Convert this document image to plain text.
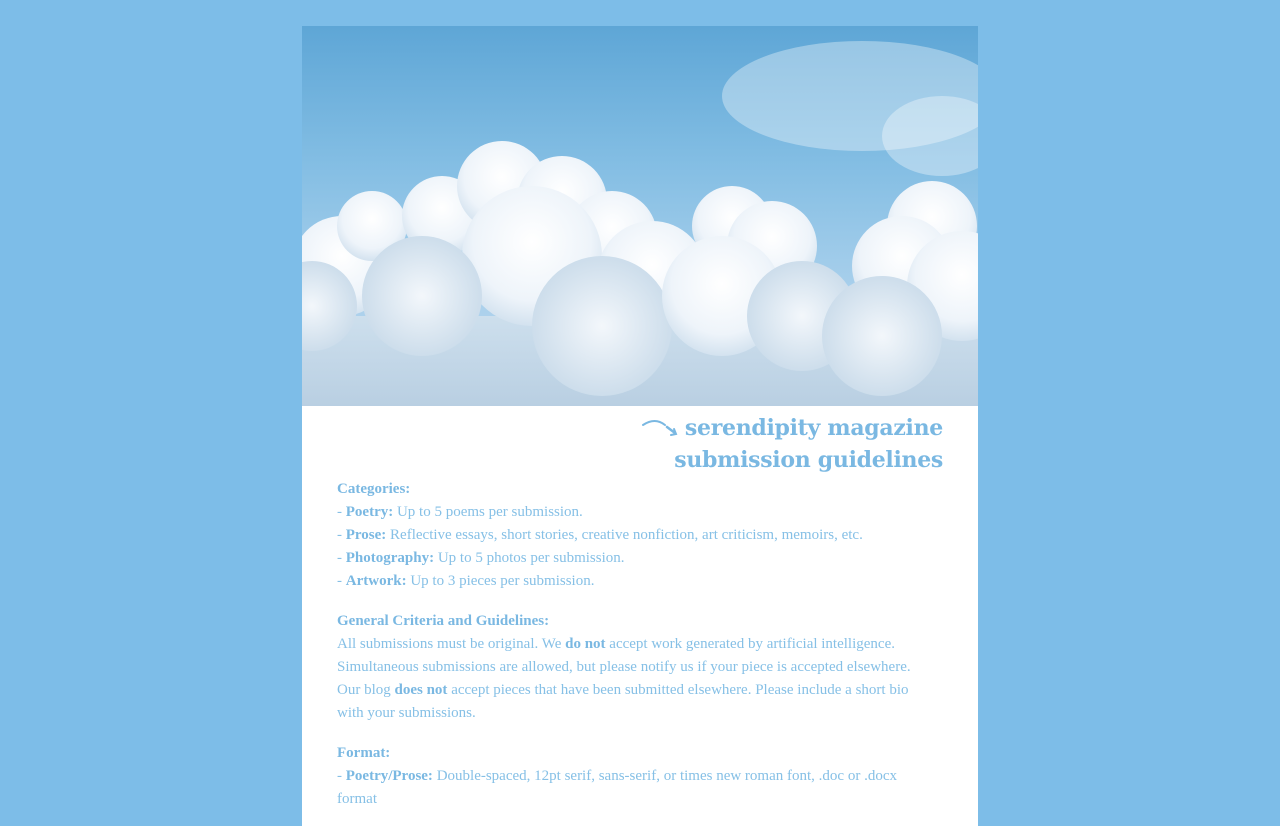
serendipity magazine
submission guidelines

Categories:

- Poetry: Up to 5 poems per submission.

- Prose: Reflective essays, short stories, creative nonfiction, art criticism, memoirs, etc.

- Photography: Up to 5 photos per submission.

- Artwork: Up to 3 pieces per submission.

General Criteria and Guidelines:

All submissions must be original. We do not accept work generated by artificial intelligence. Simultaneous submissions are allowed, but please notify us if your piece is accepted elsewhere. Our blog does not accept pieces that have been submitted elsewhere. Please include a short bio with your submissions.

Format:

- Poetry/Prose: Double-spaced, 12pt serif, sans-serif, or times new roman font, .doc or .docx format
